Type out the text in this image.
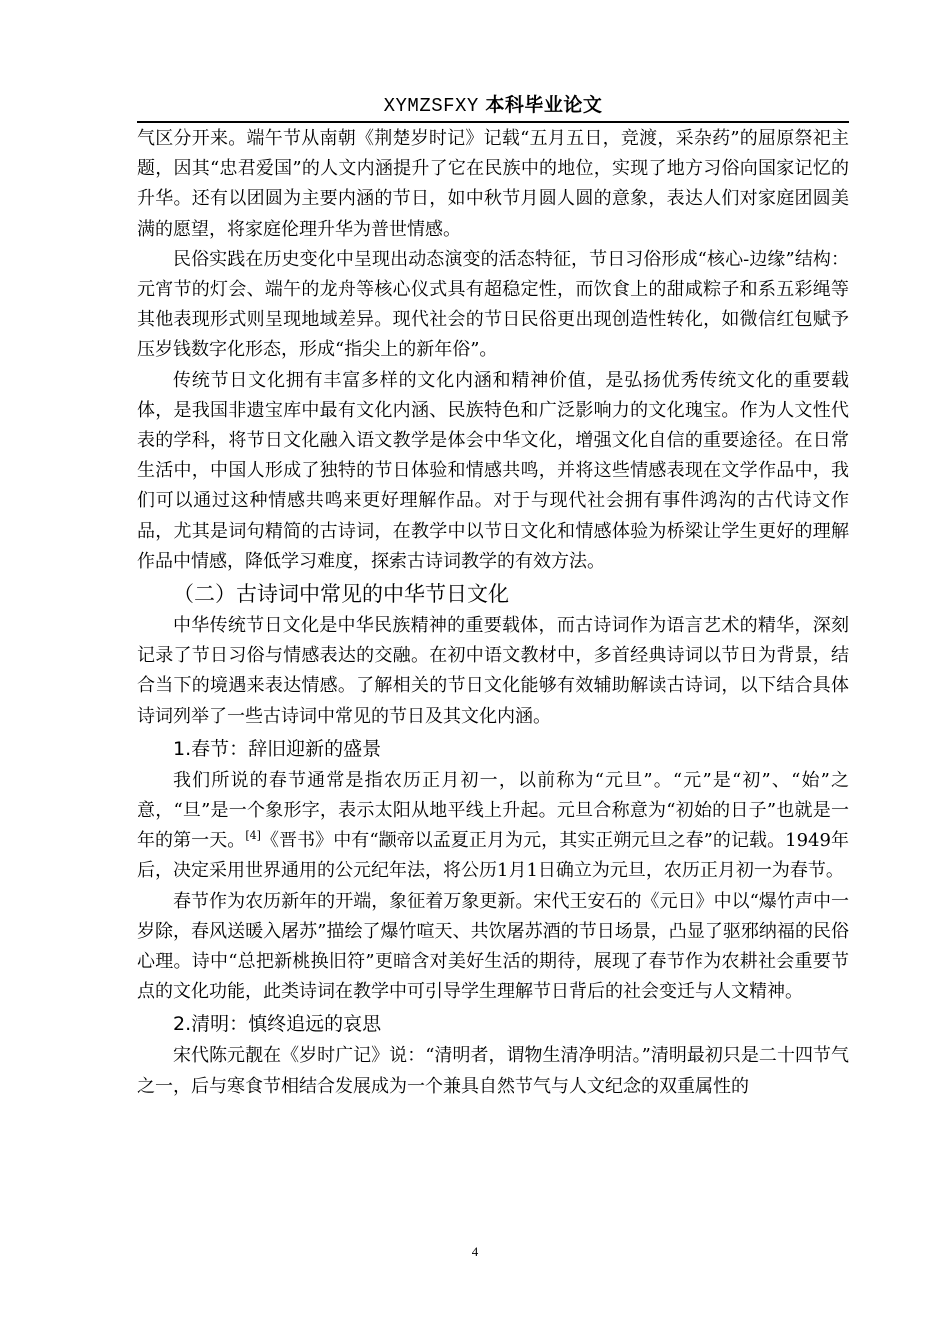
XYMZSFXY 本科毕业论文

气区分开来。端午节从南朝《荆楚岁时记》记载“五月五日，竞渡，采杂药”的屈原祭祀主题，因其“忠君爱国”的人文内涵提升了它在民族中的地位，实现了地方习俗向国家记忆的升华。还有以团圆为主要内涵的节日，如中秋节月圆人圆的意象，表达人们对家庭团圆美满的愿望，将家庭伦理升华为普世情感。

民俗实践在历史变化中呈现出动态演变的活态特征，节日习俗形成“核心-边缘”结构：元宵节的灯会、端午的龙舟等核心仪式具有超稳定性，而饮食上的甜咸粽子和系五彩绳等其他表现形式则呈现地域差异。现代社会的节日民俗更出现创造性转化，如微信红包赋予压岁钱数字化形态，形成“指尖上的新年俗”。

传统节日文化拥有丰富多样的文化内涵和精神价值，是弘扬优秀传统文化的重要载体，是我国非遗宝库中最有文化内涵、民族特色和广泛影响力的文化瑰宝。作为人文性代表的学科，将节日文化融入语文教学是体会中华文化，增强文化自信的重要途径。在日常生活中，中国人形成了独特的节日体验和情感共鸣，并将这些情感表现在文学作品中，我们可以通过这种情感共鸣来更好理解作品。对于与现代社会拥有事件鸿沟的古代诗文作品，尤其是词句精简的古诗词，在教学中以节日文化和情感体验为桥梁让学生更好的理解作品中情感，降低学习难度，探索古诗词教学的有效方法。

（二）古诗词中常见的中华节日文化

中华传统节日文化是中华民族精神的重要载体，而古诗词作为语言艺术的精华，深刻记录了节日习俗与情感表达的交融。在初中语文教材中，多首经典诗词以节日为背景，结合当下的境遇来表达情感。了解相关的节日文化能够有效辅助解读古诗词，以下结合具体诗词列举了一些古诗词中常见的节日及其文化内涵。

1.春节：辞旧迎新的盛景

我们所说的春节通常是指农历正月初一，以前称为“元旦”。“元”是“初”、“始”之意，“旦”是一个象形字，表示太阳从地平线上升起。元旦合称意为“初始的日子”也就是一年的第一天。[4]《晋书》中有“颛帝以孟夏正月为元，其实正朔元旦之春”的记载。1949年后，决定采用世界通用的公元纪年法，将公历1月1日确立为元旦，农历正月初一为春节。

春节作为农历新年的开端，象征着万象更新。宋代王安石的《元日》中以“爆竹声中一岁除，春风送暖入屠苏”描绘了爆竹喧天、共饮屠苏酒的节日场景，凸显了驱邪纳福的民俗心理。诗中“总把新桃换旧符”更暗含对美好生活的期待，展现了春节作为农耕社会重要节点的文化功能，此类诗词在教学中可引导学生理解节日背后的社会变迁与人文精神。

2.清明：慎终追远的哀思

宋代陈元靓在《岁时广记》说：“清明者，谓物生清净明洁。”清明最初只是二十四节气之一，后与寒食节相结合发展成为一个兼具自然节气与人文纪念的双重属性的

4
